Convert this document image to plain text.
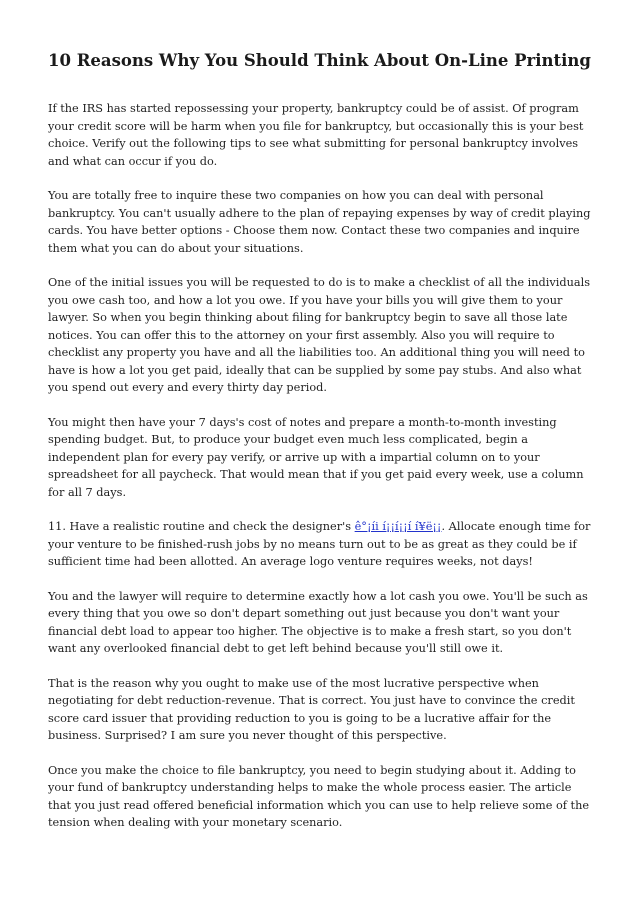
10 Reasons Why You Should Think About On-Line Printing

If the IRS has started repossessing your property, bankruptcy could be of assist. Of program your credit score will be harm when you file for bankruptcy, but occasionally this is your best choice. Verify out the following tips to see what submitting for personal bankruptcy involves and what can occur if you do.

You are totally free to inquire these two companies on how you can deal with personal bankruptcy. You can't usually adhere to the plan of repaying expenses by way of credit playing cards. You have better options - Choose them now. Contact these two companies and inquire them what you can do about your situations.

One of the initial issues you will be requested to do is to make a checklist of all the individuals you owe cash too, and how a lot you owe. If you have your bills you will give them to your lawyer. So when you begin thinking about filing for bankruptcy begin to save all those late notices. You can offer this to the attorney on your first assembly. Also you will require to checklist any property you have and all the liabilities too. An additional thing you will need to have is how a lot you get paid, ideally that can be supplied by some pay stubs. And also what you spend out every and every thirty day period.

You might then have your 7 days's cost of notes and prepare a month-to-month investing spending budget. But, to produce your budget even much less complicated, begin a independent plan for every pay verify, or arrive up with a impartial column on to your spreadsheet for all paycheck. That would mean that if you get paid every week, use a column for all 7 days.

11. Have a realistic routine and check the designer's ê°¡íi í¡¡í¡¡í í¥ë¡¡. Allocate enough time for your venture to be finished-rush jobs by no means turn out to be as great as they could be if sufficient time had been allotted. An average logo venture requires weeks, not days!

You and the lawyer will require to determine exactly how a lot cash you owe. You'll be such as every thing that you owe so don't depart something out just because you don't want your financial debt load to appear too higher. The objective is to make a fresh start, so you don't want any overlooked financial debt to get left behind because you'll still owe it.

That is the reason why you ought to make use of the most lucrative perspective when negotiating for debt reduction-revenue. That is correct. You just have to convince the credit score card issuer that providing reduction to you is going to be a lucrative affair for the business. Surprised? I am sure you never thought of this perspective.

Once you make the choice to file bankruptcy, you need to begin studying about it. Adding to your fund of bankruptcy understanding helps to make the whole process easier. The article that you just read offered beneficial information which you can use to help relieve some of the tension when dealing with your monetary scenario.
